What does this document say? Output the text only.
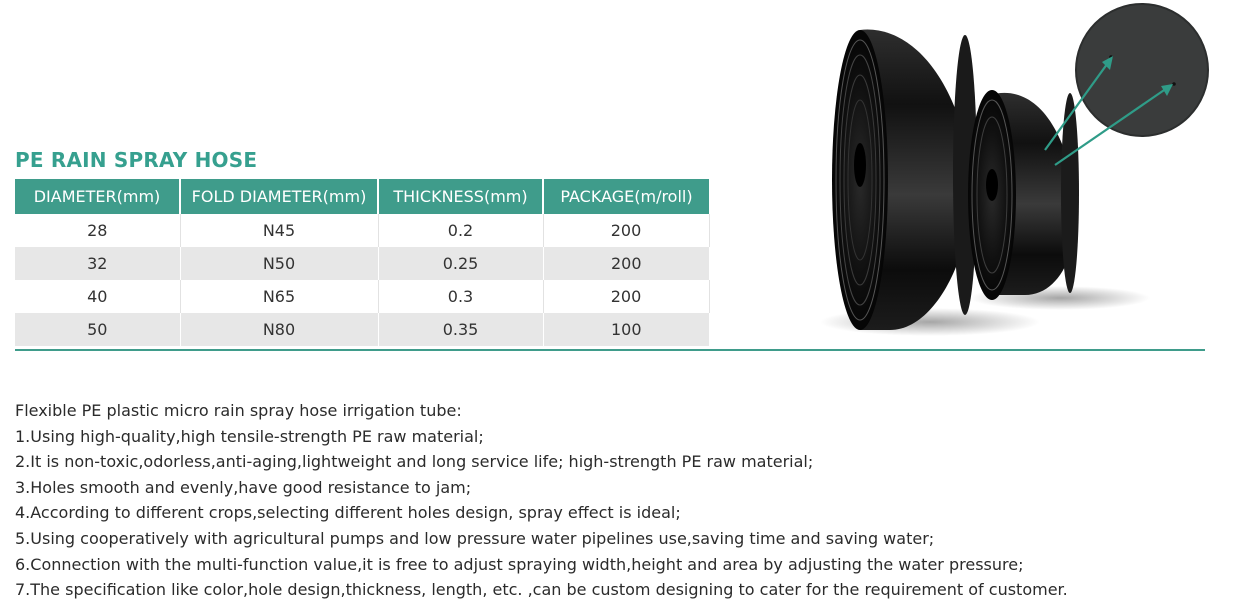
PE RAIN SPRAY HOSE
DIAMETER(mm)	FOLD DIAMETER(mm)	THICKNESS(mm)	PACKAGE(m/roll)
28	N45	0.2	200
32	N50	0.25	200
40	N65	0.3	200
50	N80	0.35	100
Flexible PE plastic micro rain spray hose irrigation tube:
1.Using high-quality,high tensile-strength PE raw material;
2.It is non-toxic,odorless,anti-aging,lightweight and long service life; high-strength PE raw material;
3.Holes smooth and evenly,have good resistance to jam;
4.According to different crops,selecting different holes design, spray effect is ideal;
5.Using cooperatively with agricultural pumps and low pressure water pipelines use,saving time and saving water;
6.Connection with the multi-function value,it is free to adjust spraying width,height and area by adjusting the water pressure;
7.The specification like color,hole design,thickness, length, etc. ,can be custom designing to cater for the requirement of customer.
